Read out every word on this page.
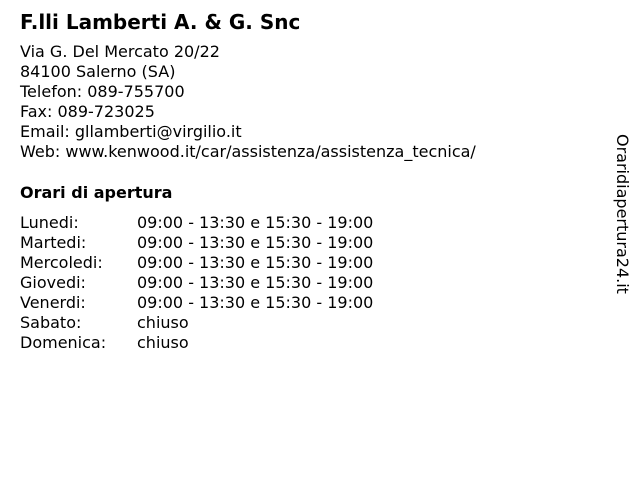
F.lli Lamberti A. & G. Snc
Via G. Del Mercato 20/22
84100 Salerno (SA)
Telefon: 089-755700
Fax: 089-723025
Email: gllamberti@virgilio.it
Web: www.kenwood.it/car/assistenza/assistenza_tecnica/
Orari di apertura
Lunedi:	09:00 - 13:30 e 15:30 - 19:00
Martedi:	09:00 - 13:30 e 15:30 - 19:00
Mercoledi:	09:00 - 13:30 e 15:30 - 19:00
Giovedi:	09:00 - 13:30 e 15:30 - 19:00
Venerdi:	09:00 - 13:30 e 15:30 - 19:00
Sabato:	chiuso
Domenica:	chiuso
Oraridiapertura24.it
